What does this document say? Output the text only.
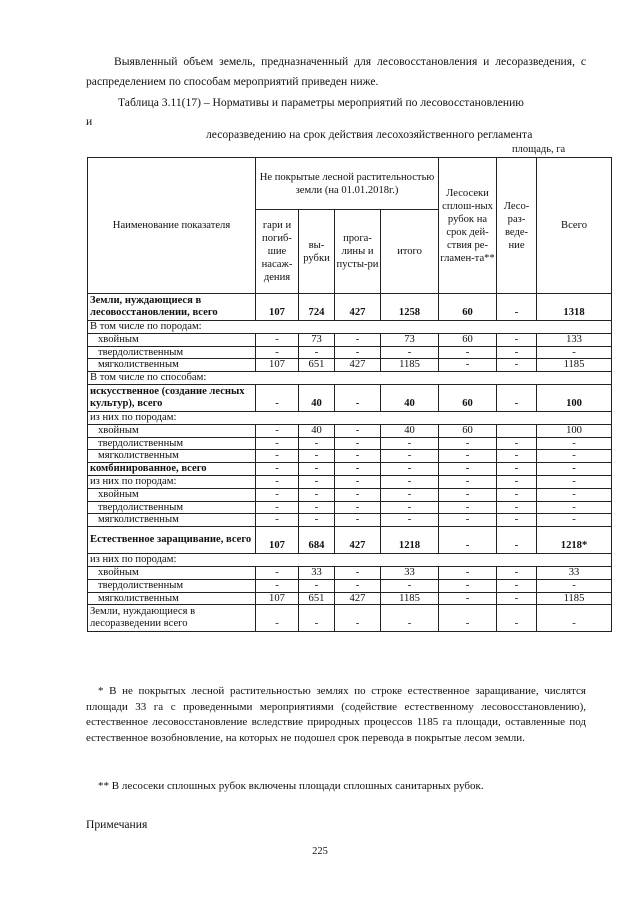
Выявленный объем земель, предназначенный для лесовосстановления и лесоразведения, с распределением по способам мероприятий приведен ниже.

Таблица 3.11(17) – Нормативы и параметры мероприятий по лесовосстановлению

и

лесоразведению на срок действия лесохозяйственного регламента

площадь, га

Наименование показателя	Не покрытые лесной растительностью земли (на 01.01.2018г.)				Лесосеки сплош-ных рубок на срок дей-ствия ре-гламен-та**	Лесо-раз-веде-ние	Всего
	гари и погиб-шие насаж-дения	вы-рубки	прога-лины и пусты-ри	итого			
Земли, нуждающиеся в лесовосстановлении, всего	107	724	427	1258	60	-	1318
В том числе по породам:							
хвойным	-	73	-	73	60	-	133
твердолиственным	-	-	-	-	-	-	-
мягколиственным	107	651	427	1185	-	-	1185
В том числе по способам:							
искусственное (создание лесных культур), всего	-	40	-	40	60	-	100
из них по породам:							
хвойным	-	40	-	40	60		100
твердолиственным	-	-	-	-	-	-	-
мягколиственным	-	-	-	-	-	-	-
комбинированное, всего	-	-	-	-	-	-	-
из них по породам:	-	-	-	-	-	-	-
хвойным	-	-	-	-	-	-	-
твердолиственным	-	-	-	-	-	-	-
мягколиственным	-	-	-	-	-	-	-
Естественное заращивание, всего	107	684	427	1218	-	-	1218*
из них по породам:							
хвойным	-	33	-	33	-	-	33
твердолиственным	-	-	-	-	-	-	-
мягколиственным	107	651	427	1185	-	-	1185
Земли, нуждающиеся в лесоразведении всего	-	-	-	-	-	-	-

* В не покрытых лесной растительностью землях по строке естественное заращивание, числятся площади 33 га с проведенными мероприятиями (содействие естественному лесовосстановлению), естественное лесовосстановление вследствие природных процессов 1185 га площади, оставленные под естественное возобновление, на которых не подошел срок перевода в покрытые лесом земли.

** В лесосеки сплошных рубок включены площади сплошных санитарных рубок.

Примечания

225
